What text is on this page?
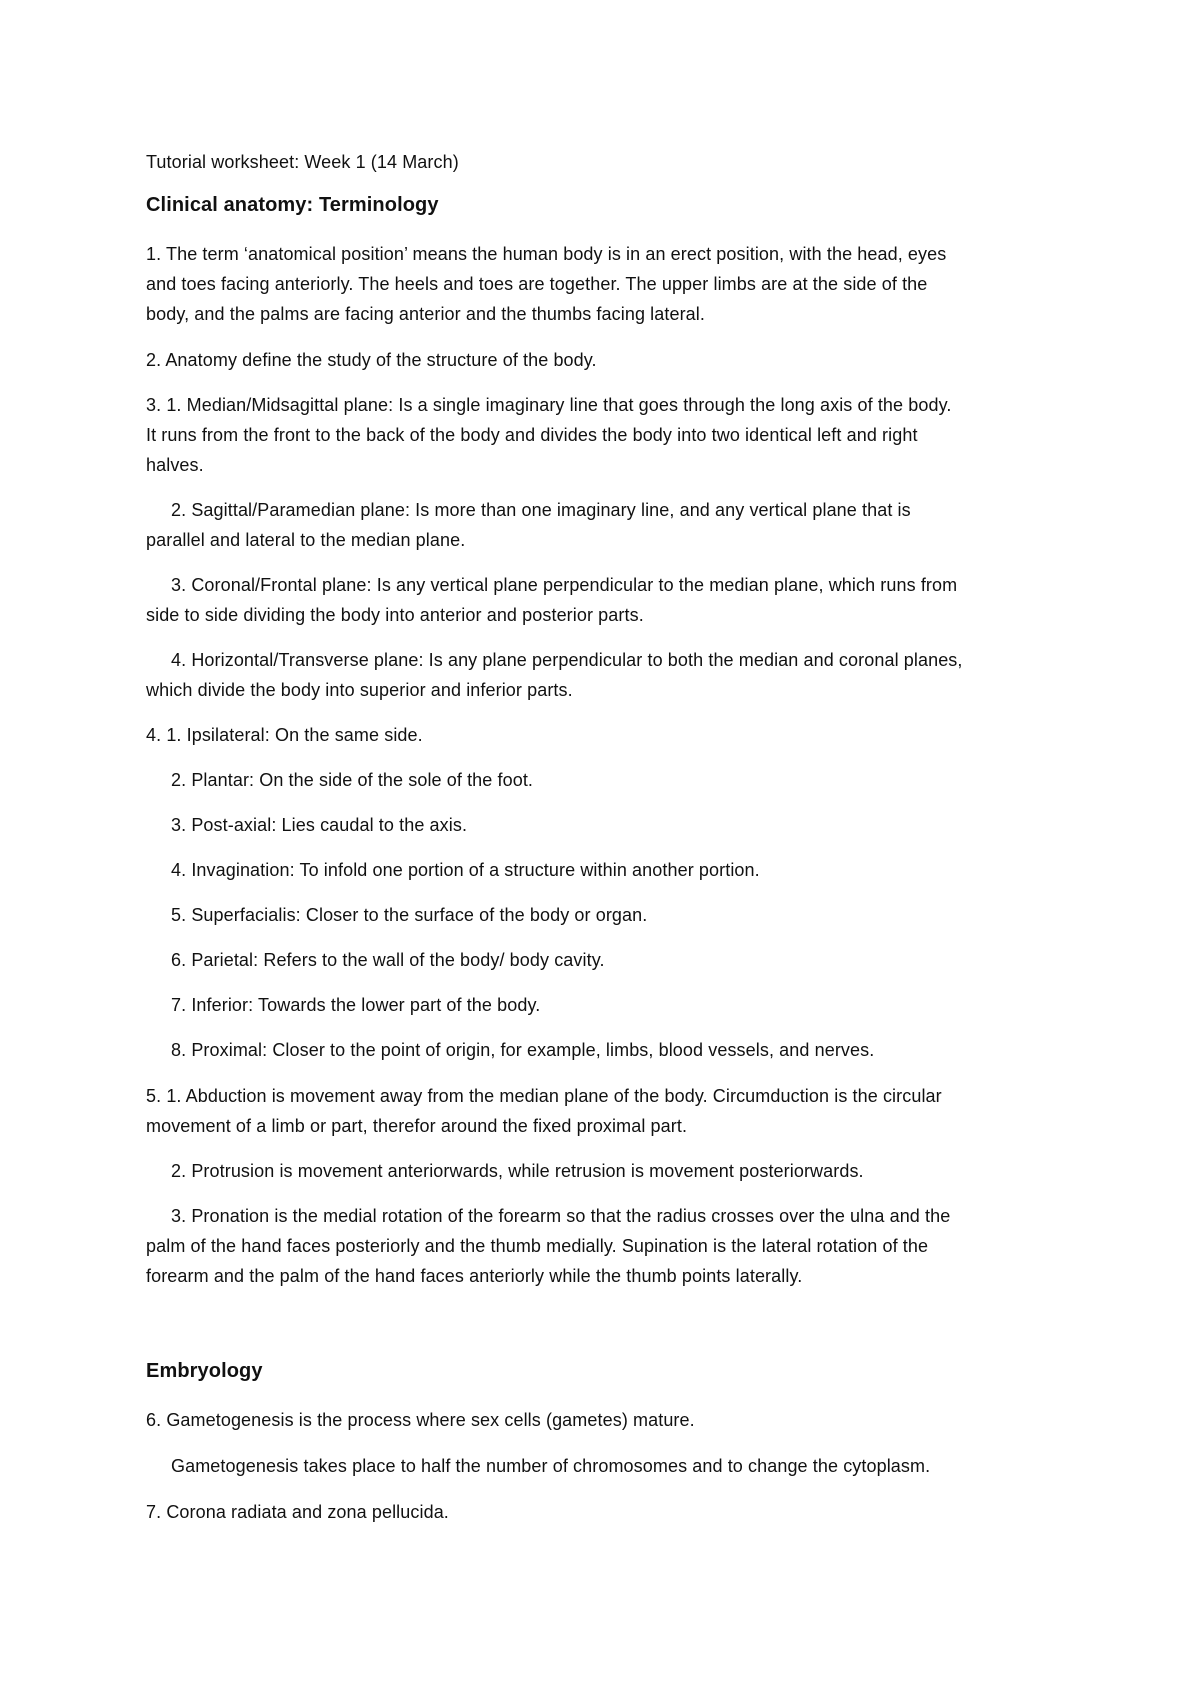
Tutorial worksheet: Week 1 (14 March)
Clinical anatomy: Terminology
1. The term ‘anatomical position’ means the human body is in an erect position, with the head, eyes
and toes facing anteriorly. The heels and toes are together. The upper limbs are at the side of the
body, and the palms are facing anterior and the thumbs facing lateral.
2. Anatomy define the study of the structure of the body.
3. 1. Median/Midsagittal plane: Is a single imaginary line that goes through the long axis of the body.
It runs from the front to the back of the body and divides the body into two identical left and right
halves.
2. Sagittal/Paramedian plane: Is more than one imaginary line, and any vertical plane that is
parallel and lateral to the median plane.
3. Coronal/Frontal plane: Is any vertical plane perpendicular to the median plane, which runs from
side to side dividing the body into anterior and posterior parts.
4. Horizontal/Transverse plane: Is any plane perpendicular to both the median and coronal planes,
which divide the body into superior and inferior parts.
4. 1. Ipsilateral: On the same side.
2. Plantar: On the side of the sole of the foot.
3. Post-axial: Lies caudal to the axis.
4. Invagination: To infold one portion of a structure within another portion.
5. Superfacialis: Closer to the surface of the body or organ.
6. Parietal: Refers to the wall of the body/ body cavity.
7. Inferior: Towards the lower part of the body.
8. Proximal: Closer to the point of origin, for example, limbs, blood vessels, and nerves.
5. 1. Abduction is movement away from the median plane of the body. Circumduction is the circular
movement of a limb or part, therefor around the fixed proximal part.
2. Protrusion is movement anteriorwards, while retrusion is movement posteriorwards.
3. Pronation is the medial rotation of the forearm so that the radius crosses over the ulna and the
palm of the hand faces posteriorly and the thumb medially. Supination is the lateral rotation of the
forearm and the palm of the hand faces anteriorly while the thumb points laterally.
Embryology
6. Gametogenesis is the process where sex cells (gametes) mature.
Gametogenesis takes place to half the number of chromosomes and to change the cytoplasm.
7. Corona radiata and zona pellucida.
